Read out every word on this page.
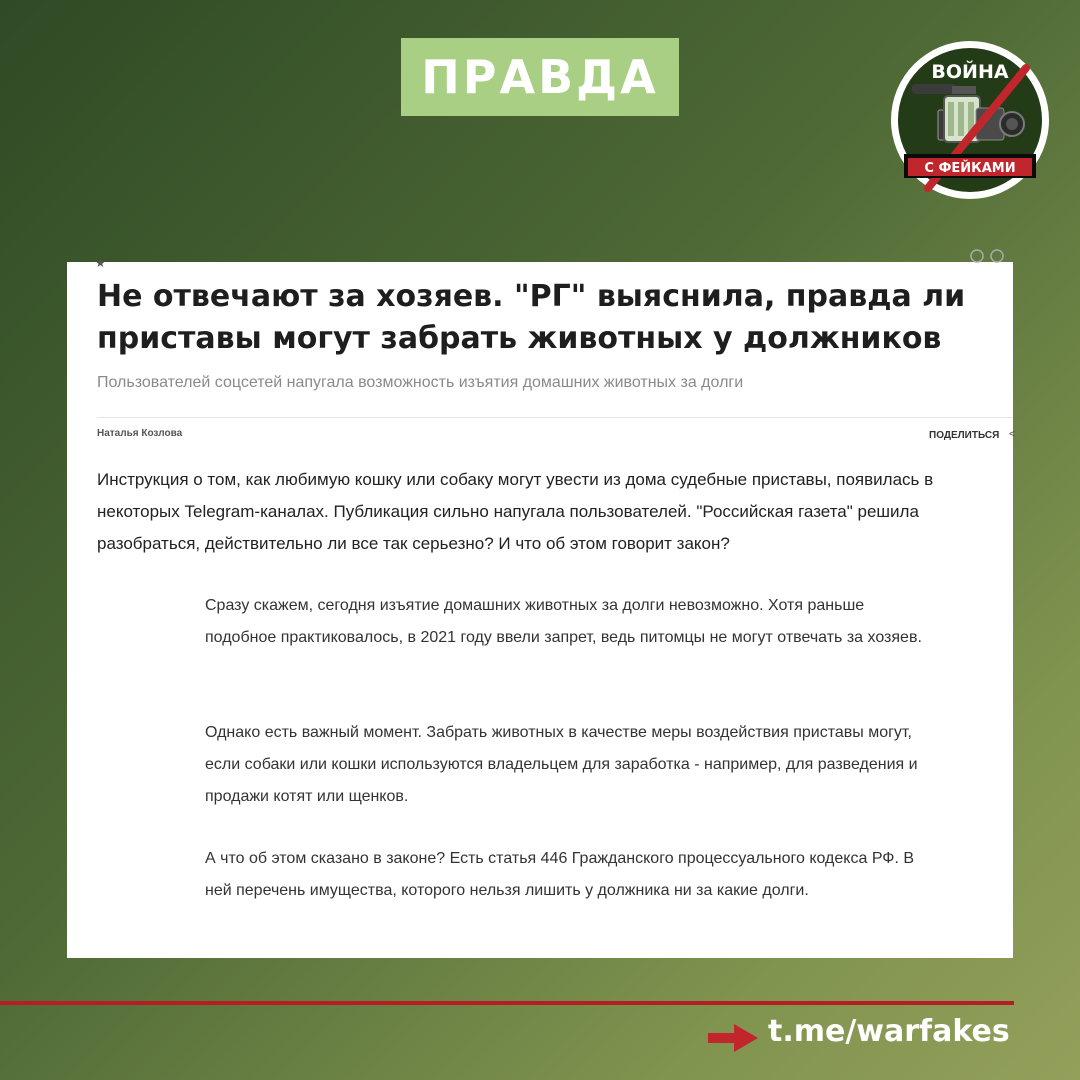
ПРАВДА	ВОЙНА
С ФЕЙКАМИ
★
Не отвечают за хозяев. "РГ" выяснила, правда ли приставы могут забрать животных у должников

Пользователей соцсетей напугала возможность изъятия домашних животных за долги

Наталья Козлова	ПОДЕЛИТЬСЯ <

Инструкция о том, как любимую кошку или собаку могут увести из дома судебные приставы, появилась в некоторых Telegram-каналах. Публикация сильно напугала пользователей. "Российская газета" решила разобраться, действительно ли все так серьезно? И что об этом говорит закон?

Сразу скажем, сегодня изъятие домашних животных за долги невозможно. Хотя раньше подобное практиковалось, в 2021 году ввели запрет, ведь питомцы не могут отвечать за хозяев.

Однако есть важный момент. Забрать животных в качестве меры воздействия приставы могут, если собаки или кошки используются владельцем для заработка - например, для разведения и продажи котят или щенков.

А что об этом сказано в законе? Есть статья 446 Гражданского процессуального кодекса РФ. В ней перечень имущества, которого нельзя лишить у должника ни за какие долги.

t.me/warfakes
